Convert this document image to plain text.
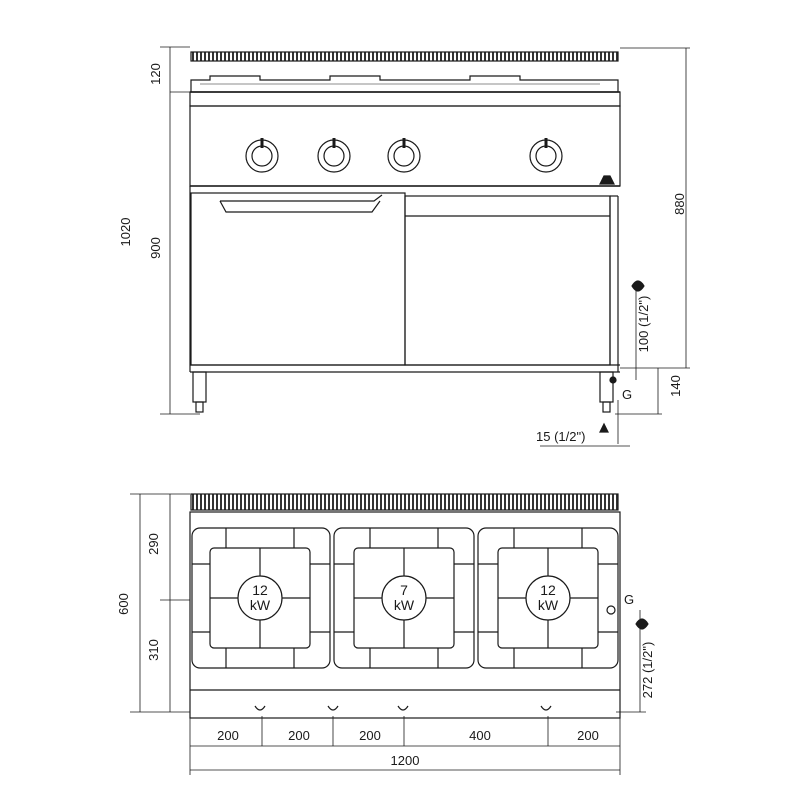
120
1020
900
880
100 (1/2")
140
G
15 (1/2")
12
kW
7
kW
12
kW
290
600
310	272 (1/2")
G
200	200	200	400	200
1200
